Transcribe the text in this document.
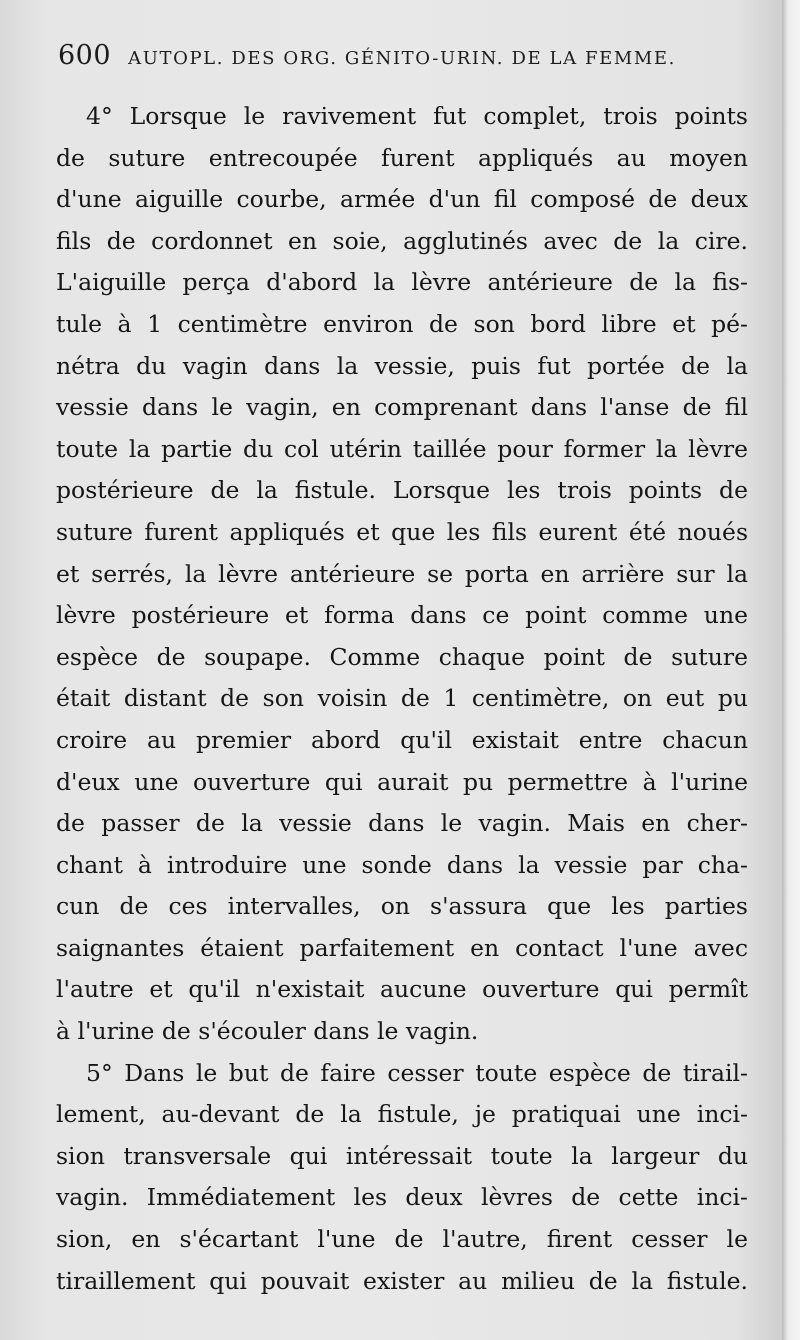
600 AUTOPL. DES ORG. GÉNITO-URIN. DE LA FEMME.
4° Lorsque le ravivement fut complet, trois points
de suture entrecoupée furent appliqués au moyen
d'une aiguille courbe, armée d'un fil composé de deux
fils de cordonnet en soie, agglutinés avec de la cire.
L'aiguille perça d'abord la lèvre antérieure de la fis-
tule à 1 centimètre environ de son bord libre et pé-
nétra du vagin dans la vessie, puis fut portée de la
vessie dans le vagin, en comprenant dans l'anse de fil
toute la partie du col utérin taillée pour former la lèvre
postérieure de la fistule. Lorsque les trois points de
suture furent appliqués et que les fils eurent été noués
et serrés, la lèvre antérieure se porta en arrière sur la
lèvre postérieure et forma dans ce point comme une
espèce de soupape. Comme chaque point de suture
était distant de son voisin de 1 centimètre, on eut pu
croire au premier abord qu'il existait entre chacun
d'eux une ouverture qui aurait pu permettre à l'urine
de passer de la vessie dans le vagin. Mais en cher-
chant à introduire une sonde dans la vessie par cha-
cun de ces intervalles, on s'assura que les parties
saignantes étaient parfaitement en contact l'une avec
l'autre et qu'il n'existait aucune ouverture qui permît
à l'urine de s'écouler dans le vagin.
5° Dans le but de faire cesser toute espèce de tirail-
lement, au-devant de la fistule, je pratiquai une inci-
sion transversale qui intéressait toute la largeur du
vagin. Immédiatement les deux lèvres de cette inci-
sion, en s'écartant l'une de l'autre, firent cesser le
tiraillement qui pouvait exister au milieu de la fistule.
